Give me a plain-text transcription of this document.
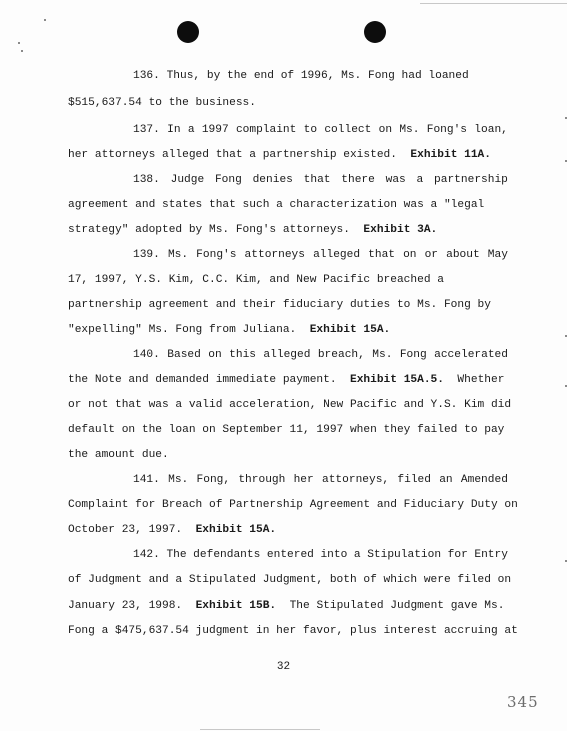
136. Thus, by the end of 1996, Ms. Fong had loaned
$515,637.54 to the business.
137. In a 1997 complaint to collect on Ms. Fong's loan,
her attorneys alleged that a partnership existed. Exhibit 11A.
138. Judge Fong denies that there was a partnership
agreement and states that such a characterization was a "legal
strategy" adopted by Ms. Fong's attorneys. Exhibit 3A.
139. Ms. Fong's attorneys alleged that on or about May
17, 1997, Y.S. Kim, C.C. Kim, and New Pacific breached a
partnership agreement and their fiduciary duties to Ms. Fong by
"expelling" Ms. Fong from Juliana. Exhibit 15A.
140. Based on this alleged breach, Ms. Fong accelerated
the Note and demanded immediate payment. Exhibit 15A.5. Whether
or not that was a valid acceleration, New Pacific and Y.S. Kim did
default on the loan on September 11, 1997 when they failed to pay
the amount due.
141. Ms. Fong, through her attorneys, filed an Amended
Complaint for Breach of Partnership Agreement and Fiduciary Duty on
October 23, 1997. Exhibit 15A.
142. The defendants entered into a Stipulation for Entry
of Judgment and a Stipulated Judgment, both of which were filed on
January 23, 1998. Exhibit 15B. The Stipulated Judgment gave Ms.
Fong a $475,637.54 judgment in her favor, plus interest accruing at
32
345
